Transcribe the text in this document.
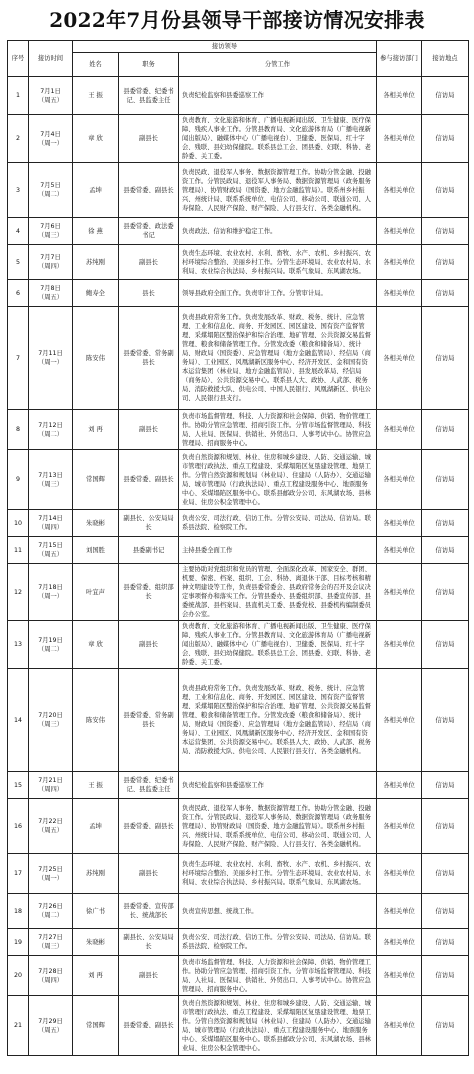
2022年7月份县领导干部接访情况安排表
序号	接访时间	接访领导			参与接访部门	接访地点
		姓名	职务	分管工作		
1	7月1日
（周五）	王 振	县委常委、纪委书记、县监委主任	负责纪检监察和县委巡察工作	各相关单位	信访局
2	7月4日
（周一）	章 欣	副县长	负责教育、文化旅游和体育、广播电视新闻出版、卫生健康、医疗保障、残疾人事业工作。分管县教育局、文化旅游体育局（广播电视新闻出版局）、融媒体中心（广播电视台）、卫健委、医保局、红十字会、残联、县妇幼保健院。联系县总工会、团县委、妇联、科协、老龄委、关工委。	各相关单位	信访局
3	7月5日
（周二）	孟坤	县委常委、副县长	负责民政、退役军人事务、数据资源管理工作。协助分管金融、投融资工作。分管民政局、退役军人事务局、数据资源管理局（政务服务管理局）、协管财政局（国资委、地方金融监管局）。联系州乡村振兴、州统计局、联系系统单位、电信公司、移动公司、联通公司、人寿保险、人民财产保险、财产保险、人行县支行、各类金融机构。	各相关单位	信访局
4	7月6日
（周三）	徐 燕	县委常委、政法委书记	负责政法、信访和维护稳定工作。	各相关单位	信访局
5	7月7日
（周四）	苏纯刚	副县长	负责生态环境、农业农村、水利、畜牧、水产、农机、乡村振兴、农村环境综合整治、美丽乡村工作。分管生态环境局、农业农村局、水利局、农业综合执法局、乡村振兴局。联系气象局、东风湖农场。	各相关单位	信访局
6	7月8日
（周五）	鲍寿全	县长	领导县政府全面工作。负责审计工作。分管审计局。	各相关单位	信访局
7	7月11日
（周一）	陈安伟	县委常委、常务副县长	负责县政府常务工作。负责发展改革、财政、税务、统计、应急管理、工业和信息化、商务、开发园区、园区建设、国有资产监督管理、采煤塌陷区整治保护和综合治理、地矿管理、公共资源交易监督管理、粮食和储备管理工作。分管发改委（粮食和储备局）、统计局、财政局（国资委）、应急管理局（地方金融监管局）、经信局（商务局）、工业园区、风凰湖新区服务中心、经济开发区、金和国有资本运营集团（林业局、地方金融监管局）、县发展改革局、经信局（商务局）、公共资源交易中心。联系县人大、政协、人武部、税务局、消防救援大队、供电公司、中国人民银行、风凰湖新区、供电公司、人民银行县支行。	各相关单位	信访局
8	7月12日
（周二）	刘 再	副县长	负责市场监督管理、科技、人力资源和社会保障、供销、物价管理工作。协助分管应急管理、招商引资工作。分管市场监督管理局、科技局、人社局、医保局、供销社、外贸出口、人事考试中心。协管应急管理局、招商服务中心。	各相关单位	信访局
9	7月13日
（周三）	常国辉	县委常委、副县长	负责自然资源和规划、林业、住房和城乡建设、人防、交通运输、城市管理行政执法、重点工程建设、采煤塌陷区复垦建设管理、地票工作。分管自然资源和规划局（林业局）、住建局（人防办）、交通运输局、城市管理局（行政执法局）、重点工程建设服务中心、地票服务中心、采煤塌陷区服务中心。联系县邮政分公司、东风湖农场、县林业局、住房公积金管理中心。	各相关单位	信访局
10	7月14日
（周四）	朱晓彬	副县长、公安局局长	负责公安、司法行政、信访工作。分管公安局、司法局、信访局。联系县法院、检察院工作。	各相关单位	信访局
11	7月15日
（周五）	刘国胜	县委副书记	主持县委全面工作	各相关单位	信访局
12	7月18日
（周一）	叶宜声	县委常委、组织部长	主要协助对党组织和党员的管理、全面深化改革、国家安全、群团、机要、保密、档案、组织、工会、科协、离退休干部、目标考核和精神文明建设等工作，负责县委常委会、县政府常务会的召开及会议决定事项督办和落实工作。分管县委办、县委组织部、县委宣传部、县委统战部、县档案局、县直机关工委、县委党校、县委机构编制委员会办公室。	各相关单位	信访局
13	7月19日
（周二）	章 欣	副县长	负责教育、文化旅游和体育、广播电视新闻出版、卫生健康、医疗保障、残疾人事业工作。分管县教育局、文化旅游体育局（广播电视新闻出版局）、融媒体中心（广播电视台）、卫健委、医保局、红十字会、残联、县妇幼保健院。联系县总工会、团县委、妇联、科协、老龄委、关工委。	各相关单位	信访局
14	7月20日
（周三）	陈安伟	县委常委、常务副县长	负责县政府常务工作。负责发展改革、财政、税务、统计、应急管理、工业和信息化、商务、开发园区、园区建设、国有资产监督管理、采煤塌陷区整治保护和综合治理、地矿管理、公共资源交易监督管理、粮食和储备管理工作。分管发改委（粮食和储备局）、统计局、财政局（国资委）、应急管理局（地方金融监管局）、经信局（商务局）、工业园区、风凰湖新区服务中心、经济开发区、金和国有资本运营集团、公共资源交易中心。联系县人大、政协、人武部、税务局、消防救援大队、供电公司、人民银行县支行、各类金融机构。	各相关单位	信访局
15	7月21日
（周四）	王 振	县委常委、纪委书记、县监委主任	负责纪检监察和县委巡察工作	各相关单位	信访局
16	7月22日
（周五）	孟坤	县委常委、副县长	负责民政、退役军人事务、数据资源管理工作。协助分管金融、投融资工作。分管民政局、退役军人事务局、数据资源管理局（政务服务管理局）、协管财政局（国资委、地方金融监管局）。联系州乡村振兴、州统计局、联系系统单位、电信公司、移动公司、联通公司、人寿保险、人民财产保险、财产保险、人行县支行、各类金融机构。	各相关单位	信访局
17	7月25日
（周一）	苏纯刚	副县长	负责生态环境、农业农村、水利、畜牧、水产、农机、乡村振兴、农村环境综合整治、美丽乡村工作。分管生态环境局、农业农村局、水利局、农业综合执法局、乡村振兴局。联系气象局、东风湖农场。	各相关单位	信访局
18	7月26日
（周二）	徐广书	县委常委、宣传部长、统战部长	负责宣传思想、统战工作。	各相关单位	信访局
19	7月27日
（周三）	朱晓彬	副县长、公安局局长	负责公安、司法行政、信访工作。分管公安局、司法局、信访局。联系县法院、检察院工作。	各相关单位	信访局
20	7月28日
（周四）	刘 再	副县长	负责市场监督管理、科技、人力资源和社会保障、供销、物价管理工作。协助分管应急管理、招商引资工作。分管市场监督管理局、科技局、人社局、医保局、供销社、外贸出口、人事考试中心。协管应急管理局、招商服务中心。	各相关单位	信访局
21	7月29日
（周五）	常国辉	县委常委、副县长	负责自然资源和规划、林业、住房和城乡建设、人防、交通运输、城市管理行政执法、重点工程建设、采煤塌陷区复垦建设管理、地票工作。分管自然资源和规划局（林业局）、住建局（人防办）、交通运输局、城市管理局（行政执法局）、重点工程建设服务中心、地票服务中心、采煤塌陷区服务中心。联系县邮政分公司、东风湖农场、县林业局、住房公积金管理中心。	各相关单位	信访局
